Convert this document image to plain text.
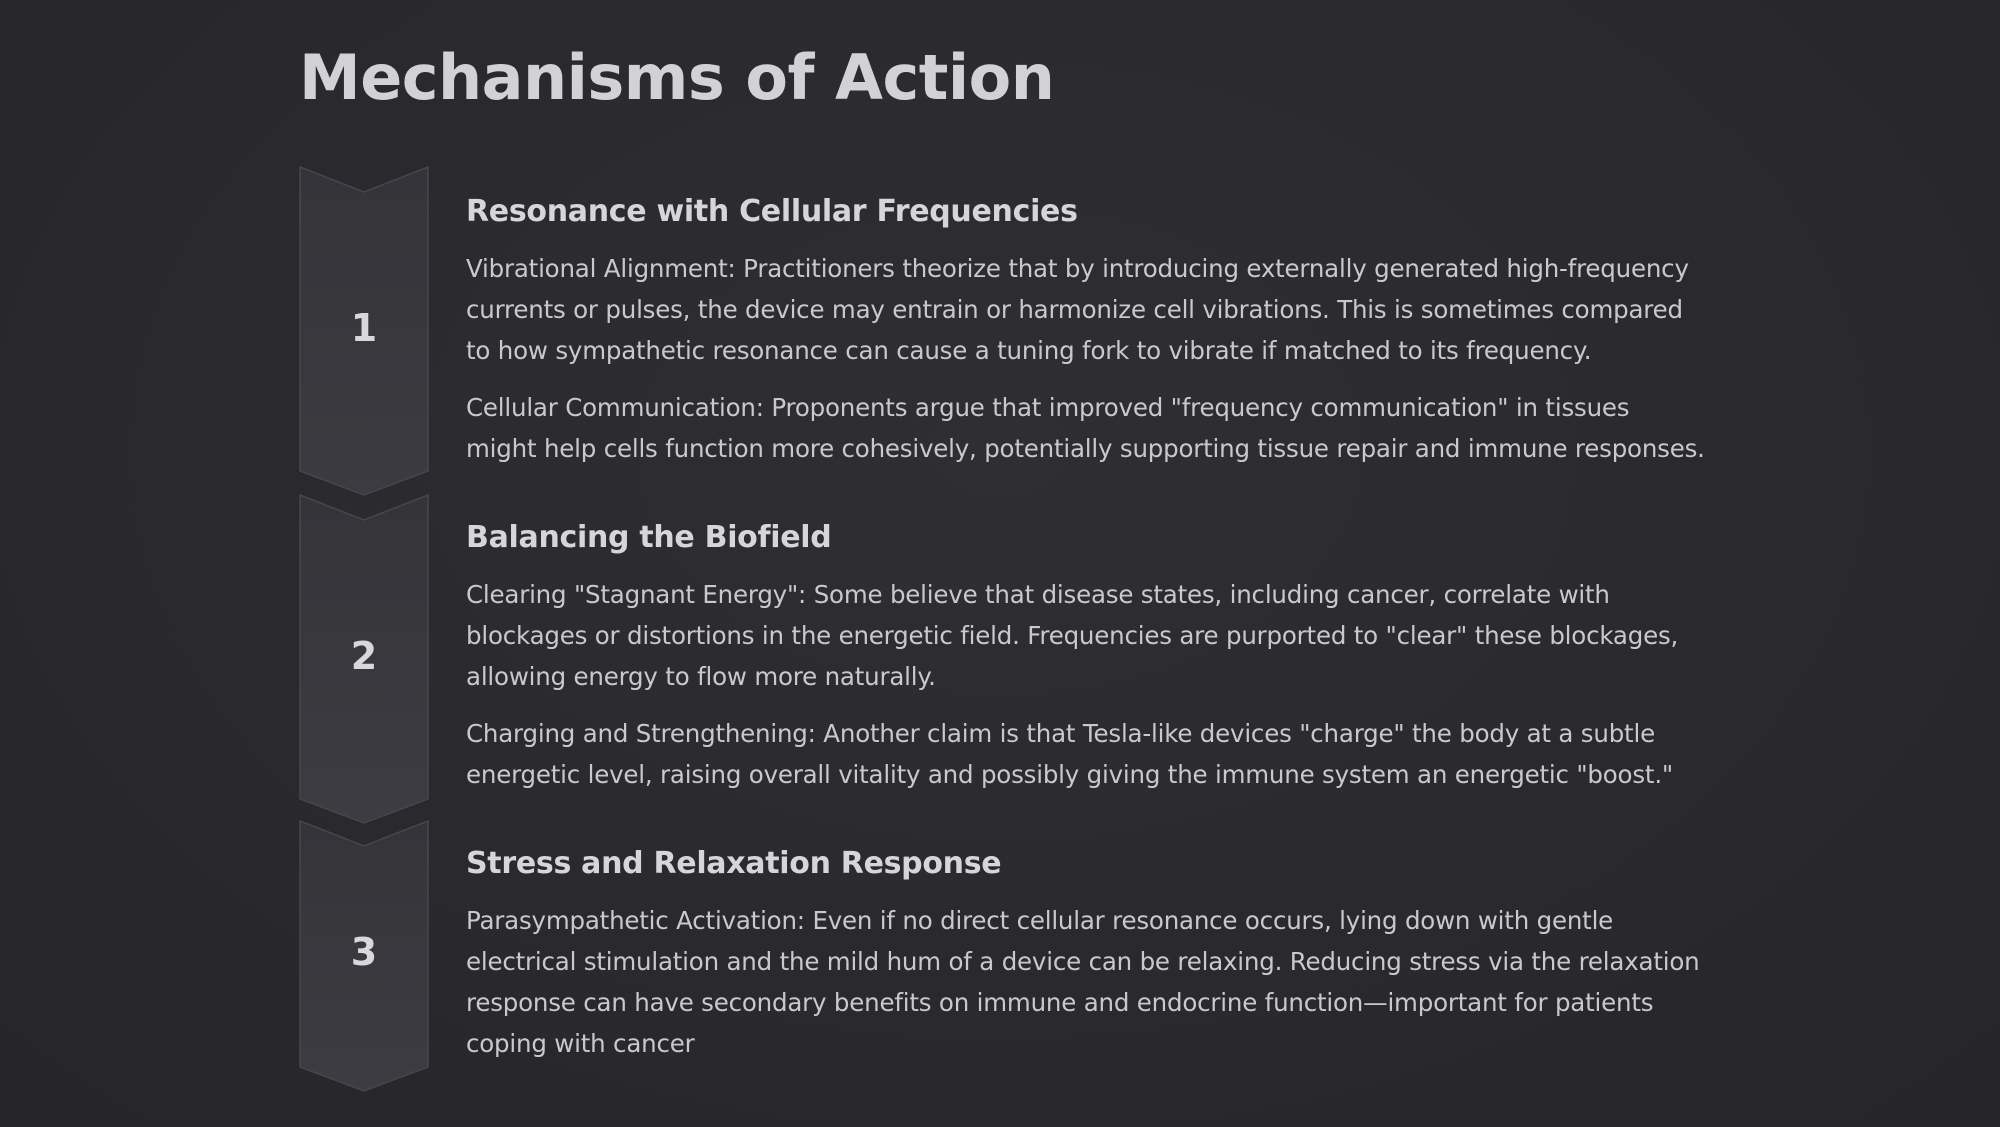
Mechanisms of Action
1
Resonance with Cellular Frequencies

Vibrational Alignment: Practitioners theorize that by introducing externally generated high-frequency currents or pulses, the device may entrain or harmonize cell vibrations. This is sometimes compared to how sympathetic resonance can cause a tuning fork to vibrate if matched to its frequency.

Cellular Communication: Proponents argue that improved "frequency communication" in tissues might help cells function more cohesively, potentially supporting tissue repair and immune responses.

2
Balancing the Biofield

Clearing "Stagnant Energy": Some believe that disease states, including cancer, correlate with blockages or distortions in the energetic field. Frequencies are purported to "clear" these blockages, allowing energy to flow more naturally.

Charging and Strengthening: Another claim is that Tesla-like devices "charge" the body at a subtle energetic level, raising overall vitality and possibly giving the immune system an energetic "boost."

3
Stress and Relaxation Response

Parasympathetic Activation: Even if no direct cellular resonance occurs, lying down with gentle electrical stimulation and the mild hum of a device can be relaxing. Reducing stress via the relaxation response can have secondary benefits on immune and endocrine function—important for patients coping with cancer
